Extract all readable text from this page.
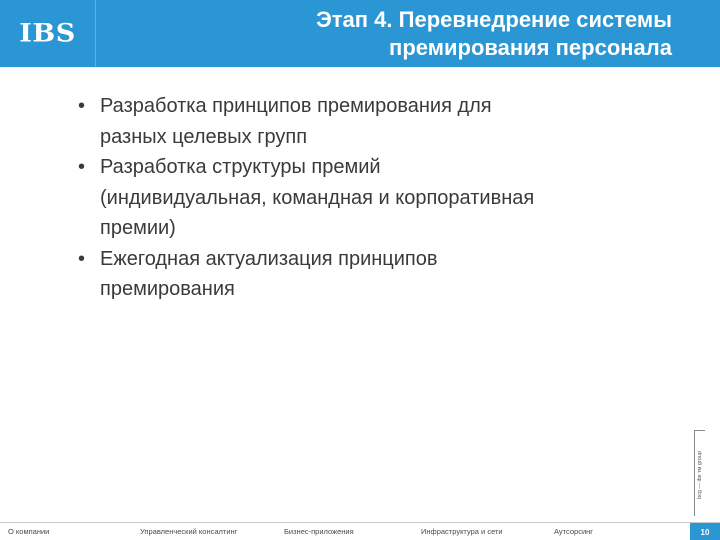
IBS	Этап 4. Перевнедрение системы
премирования персонала
• Разработка принципов премирования для
разных целевых групп
• Разработка структуры премий
(индивидуальная, командная и корпоративная
премии)
• Ежегодная актуализация принципов
премирования
bcg — ibs тм group
О компании	Управленческий консалтинг	Бизнес-приложения	Инфраструктура и сети	Аутсорсинг	10
